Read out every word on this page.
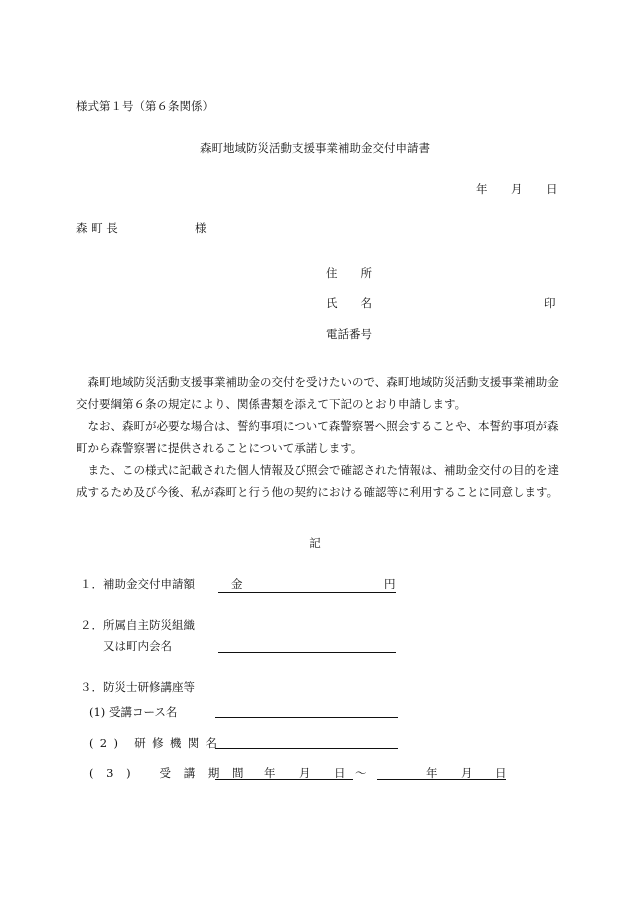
様式第１号（第６条関係）
森町地域防災活動支援事業補助金交付申請書
年 月 日
森 町 長	様
住　　所
氏　　名	印
電話番号

森町地域防災活動支援事業補助金の交付を受けたいので、森町地域防災活動支援事業補助金交付要綱第６条の規定により、関係書類を添えて下記のとおり申請します。

なお、森町が必要な場合は、誓約事項について森警察署へ照会することや、本誓約事項が森町から森警察署に提供されることについて承諾します。

また、この様式に記載された個人情報及び照会で確認された情報は、補助金交付の目的を達成するため及び今後、私が森町と行う他の契約における確認等に利用することに同意します。

記
１．補助金交付申請額	金	円
２．所属自主防災組織
又は町内会名
３．防災士研修講座等
(1) 受講コース名
(2) 研修機関名
(3) 受講期間 年 月 日 ～	年 月 日
